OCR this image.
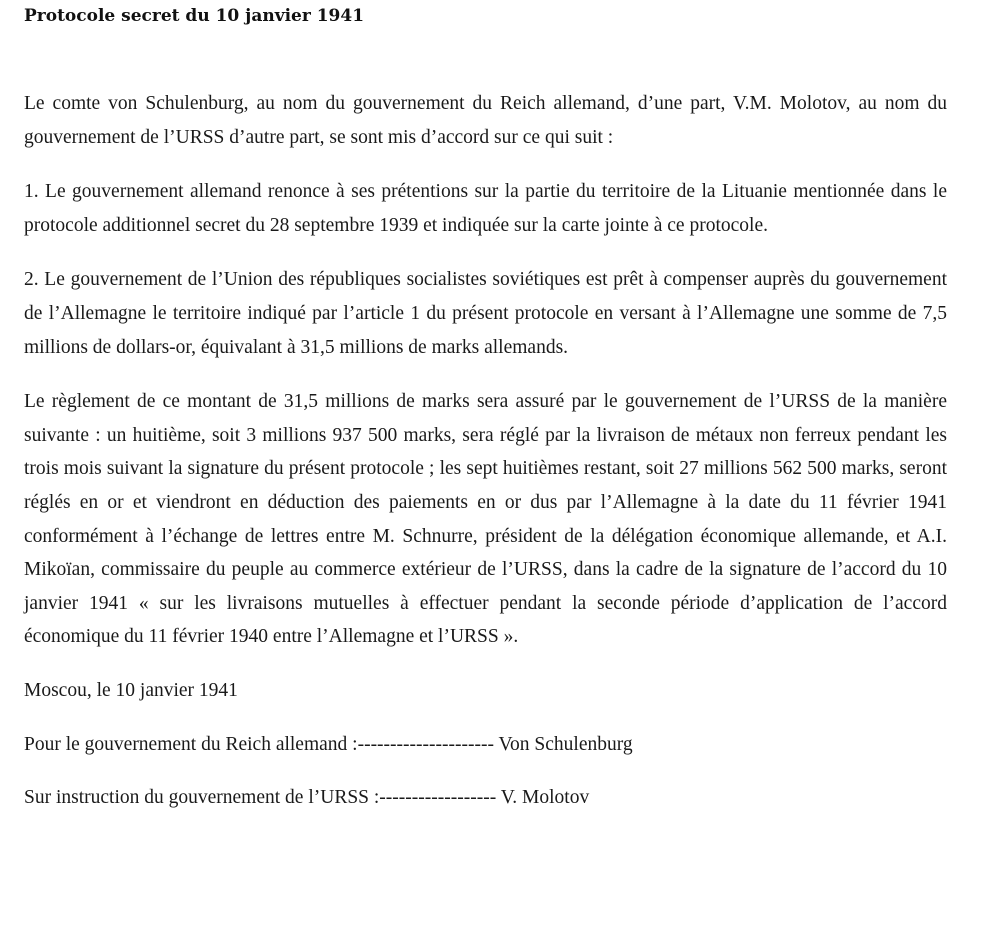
Protocole secret du 10 janvier 1941

Le comte von Schulenburg, au nom du gouvernement du Reich allemand, d’une part, V.M. Molotov, au nom du gouvernement de l’URSS d’autre part, se sont mis d’accord sur ce qui suit :

1. Le gouvernement allemand renonce à ses prétentions sur la partie du territoire de la Lituanie mentionnée dans le protocole additionnel secret du 28 septembre 1939 et indiquée sur la carte jointe à ce protocole.

2. Le gouvernement de l’Union des républiques socialistes soviétiques est prêt à compenser auprès du gouvernement de l’Allemagne le territoire indiqué par l’article 1 du présent protocole en versant à l’Allemagne une somme de 7,5 millions de dollars-or, équivalant à 31,5 millions de marks allemands.

Le règlement de ce montant de 31,5 millions de marks sera assuré par le gouvernement de l’URSS de la manière suivante : un huitième, soit 3 millions 937 500 marks, sera réglé par la livraison de métaux non ferreux pendant les trois mois suivant la signature du présent protocole ; les sept huitièmes restant, soit 27 millions 562 500 marks, seront réglés en or et viendront en déduction des paiements en or dus par l’Allemagne à la date du 11 février 1941 conformément à l’échange de lettres entre M. Schnurre, président de la délégation économique allemande, et A.I. Mikoïan, commissaire du peuple au commerce extérieur de l’URSS, dans la cadre de la signature de l’accord du 10 janvier 1941 « sur les livraisons mutuelles à effectuer pendant la seconde période d’application de l’accord économique du 11 février 1940 entre l’Allemagne et l’URSS ».

Moscou, le 10 janvier 1941

Pour le gouvernement du Reich allemand :--------------------- Von Schulenburg

Sur instruction du gouvernement de l’URSS :------------------ V. Molotov
